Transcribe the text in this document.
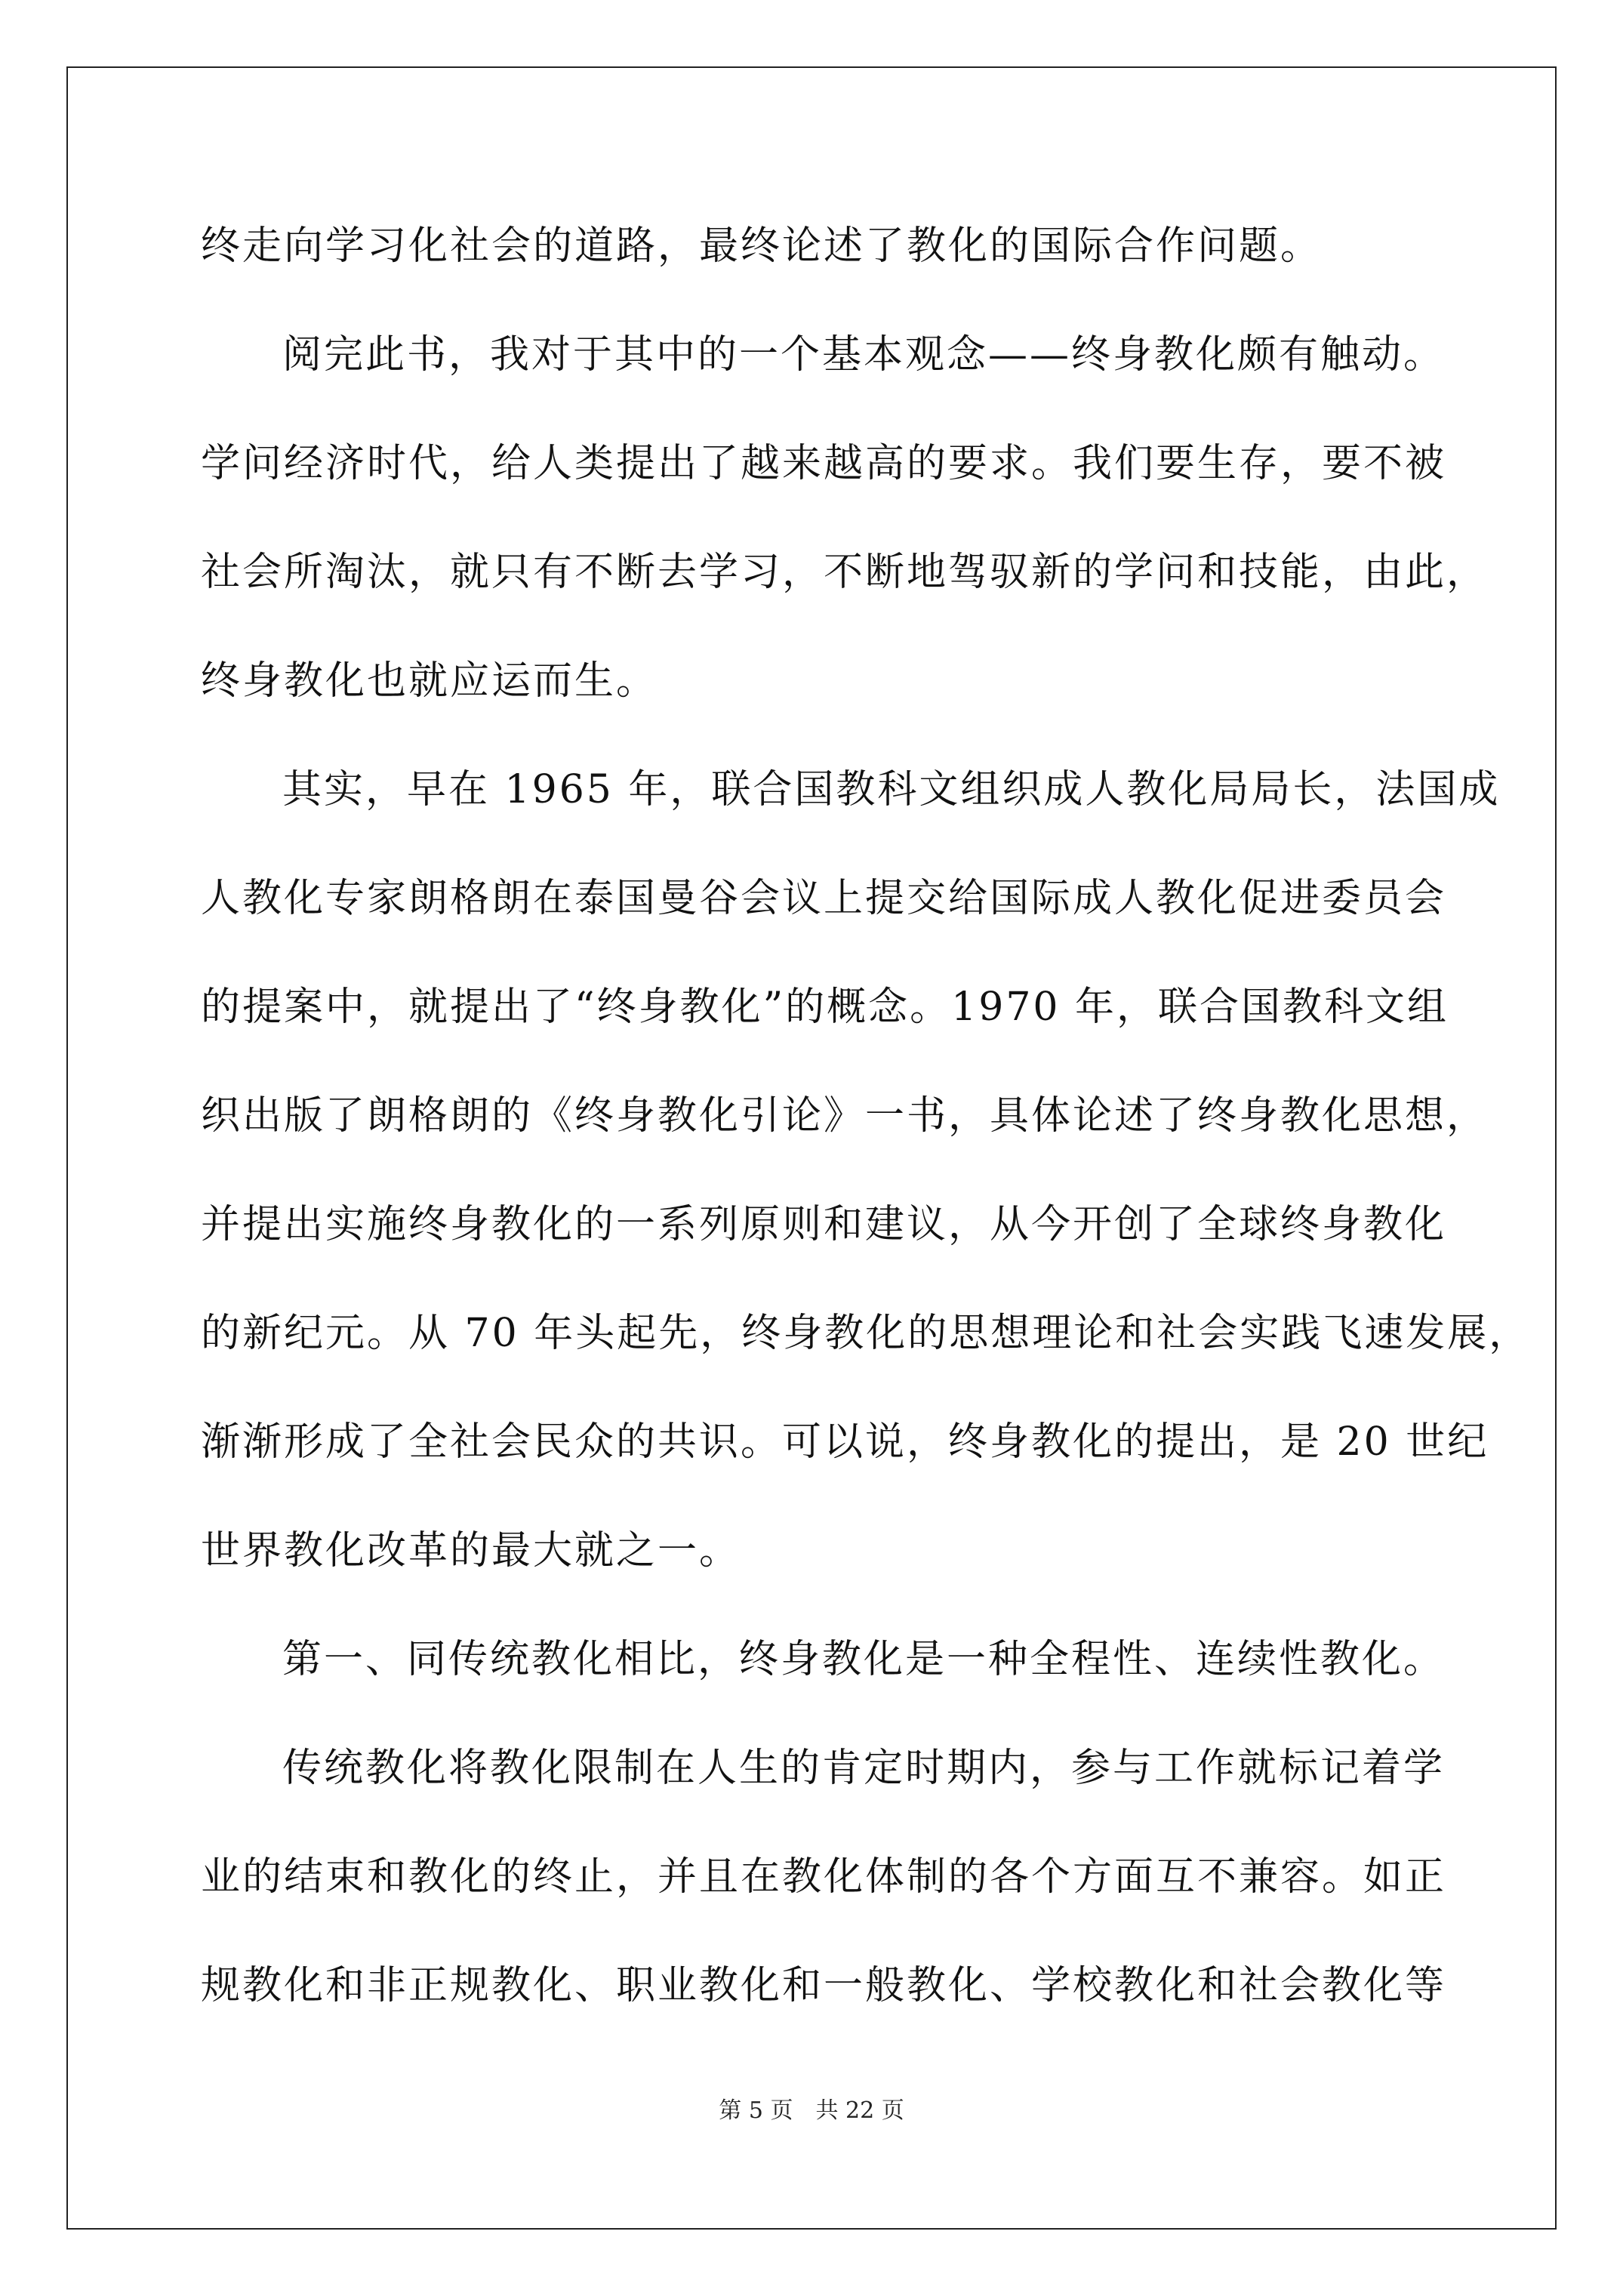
终走向学习化社会的道路，最终论述了教化的国际合作问题。
阅完此书，我对于其中的一个基本观念——终身教化颇有触动。
学问经济时代，给人类提出了越来越高的要求。我们要生存，要不被
社会所淘汰，就只有不断去学习，不断地驾驭新的学问和技能，由此，
终身教化也就应运而生。
其实，早在 1965 年，联合国教科文组织成人教化局局长，法国成
人教化专家朗格朗在泰国曼谷会议上提交给国际成人教化促进委员会
的提案中，就提出了“终身教化”的概念。1970 年，联合国教科文组
织出版了朗格朗的《终身教化引论》一书，具体论述了终身教化思想，
并提出实施终身教化的一系列原则和建议，从今开创了全球终身教化
的新纪元。从 70 年头起先，终身教化的思想理论和社会实践飞速发展，
渐渐形成了全社会民众的共识。可以说，终身教化的提出，是 20 世纪
世界教化改革的最大就之一。
第一、同传统教化相比，终身教化是一种全程性、连续性教化。
传统教化将教化限制在人生的肯定时期内，参与工作就标记着学
业的结束和教化的终止，并且在教化体制的各个方面互不兼容。如正
规教化和非正规教化、职业教化和一般教化、学校教化和社会教化等
第 5 页　共 22 页
